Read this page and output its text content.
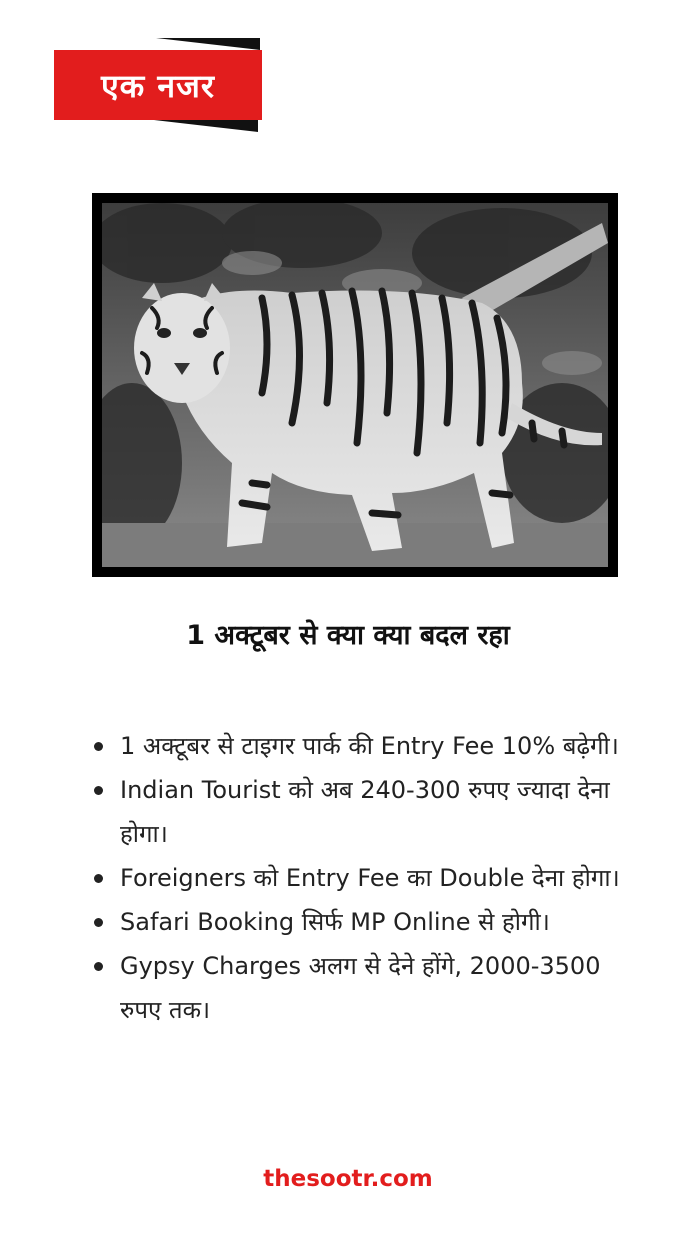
एक नजर
1 अक्टूबर से क्या क्या बदल रहा
1 अक्टूबर से टाइगर पार्क की Entry Fee 10% बढ़ेगी।
Indian Tourist को अब 240-300 रुपए ज्यादा देना होगा।
Foreigners को Entry Fee का Double देना होगा।
Safari Booking सिर्फ MP Online से होगी।
Gypsy Charges अलग से देने होंगे, 2000-3500 रुपए तक।
thesootr.com
